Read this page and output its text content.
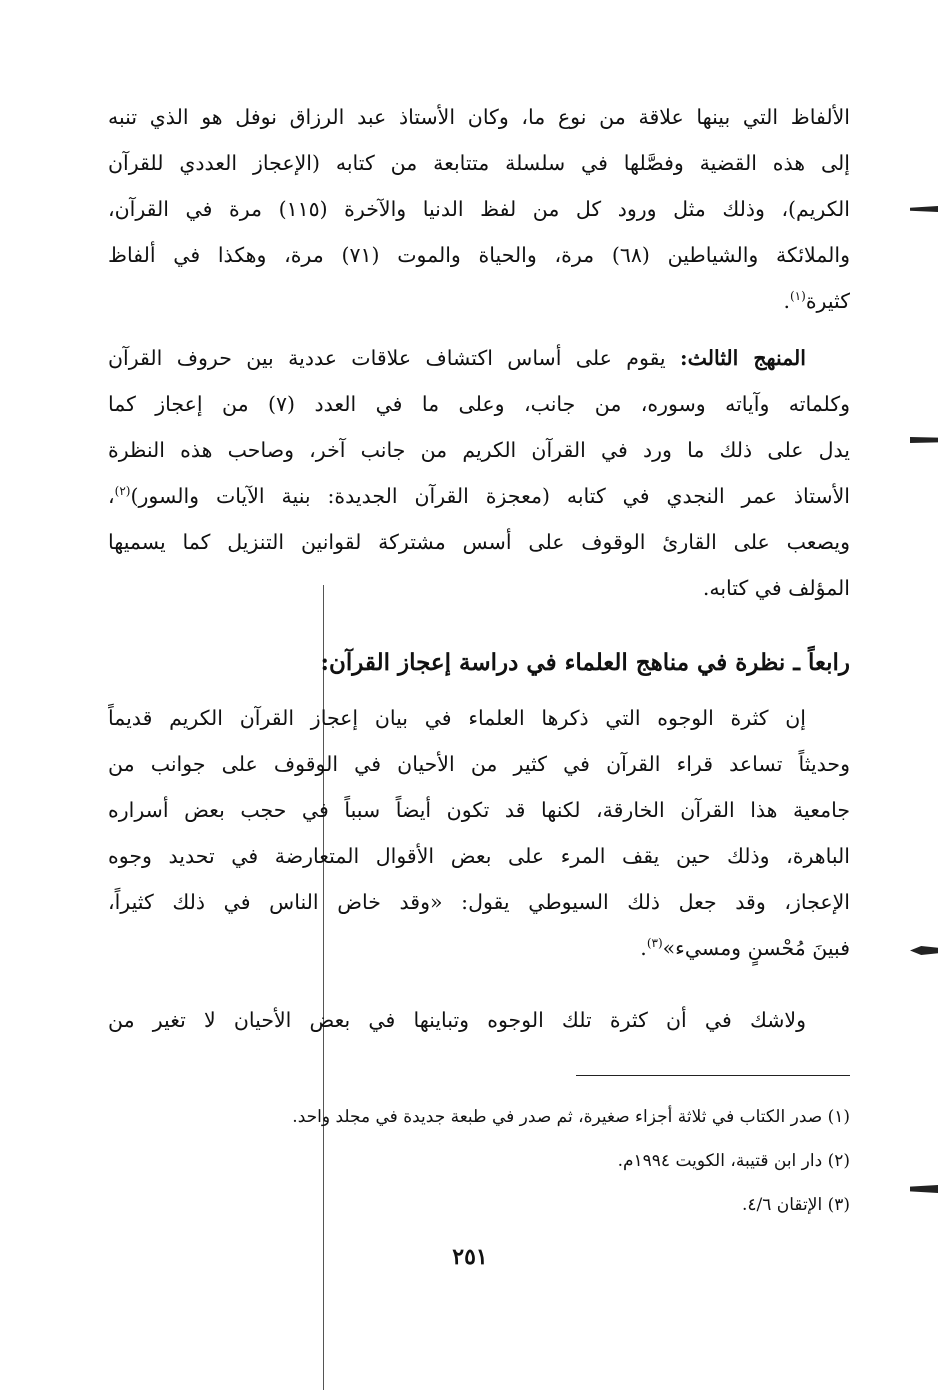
الألفاظ التي بينها علاقة من نوع ما، وكان الأستاذ عبد الرزاق نوفل هو الذي تنبه
إلى هذه القضية وفصَّلها في سلسلة متتابعة من كتابه (الإعجاز العددي للقرآن
الكريم)، وذلك مثل ورود كل من لفظ الدنيا والآخرة (١١٥) مرة في القرآن،
والملائكة والشياطين (٦٨) مرة، والحياة والموت (٧١) مرة، وهكذا في ألفاظ
كثيرة$^{(١)}$.
المنهج الثالث: يقوم على أساس اكتشاف علاقات عددية بين حروف القرآن
وكلماته وآياته وسوره، من جانب، وعلى ما في العدد (٧) من إعجاز كما
يدل على ذلك ما ورد في القرآن الكريم من جانب آخر، وصاحب هذه النظرة
الأستاذ عمر النجدي في كتابه (معجزة القرآن الجديدة: بنية الآيات والسور)$^{(٢)}$،
ويصعب على القارئ الوقوف على أسس مشتركة لقوانين التنزيل كما يسميها
المؤلف في كتابه.
رابعاً ـ نظرة في مناهج العلماء في دراسة إعجاز القرآن:
إن كثرة الوجوه التي ذكرها العلماء في بيان إعجاز القرآن الكريم قديماً
وحديثاً تساعد قراء القرآن في كثير من الأحيان في الوقوف على جوانب من
جامعية هذا القرآن الخارقة، لكنها قد تكون أيضاً سبباً في حجب بعض أسراره
الباهرة، وذلك حين يقف المرء على بعض الأقوال المتعارضة في تحديد وجوه
الإعجاز، وقد جعل ذلك السيوطي يقول: «وقد خاض الناس في ذلك كثيراً،
فبينَ مُحْسنٍ ومسيء»$^{(٣)}$.
ولاشك في أن كثرة تلك الوجوه وتباينها في بعض الأحيان لا تغير من
(١) صدر الكتاب في ثلاثة أجزاء صغيرة، ثم صدر في طبعة جديدة في مجلد واحد.
(٢) دار ابن قتيبة، الكويت ١٩٩٤م.
(٣) الإتقان ٤/٦.
٢٥١
